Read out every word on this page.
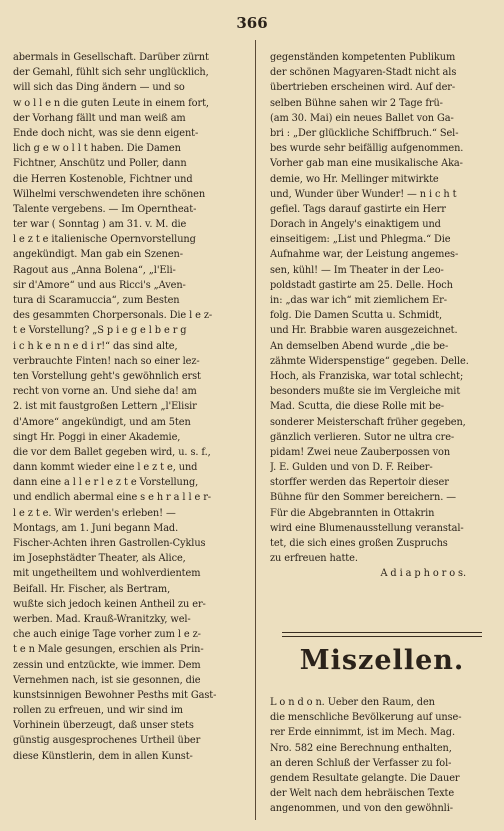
366
abermals in Gesellschaft. Darüber zürnt
der Gemahl, fühlt sich sehr unglücklich,
will sich das Ding ändern — und so
w o l l e n die guten Leute in einem fort,
der Vorhang fällt und man weiß am
Ende doch nicht, was sie denn eigent-
lich g e w o l l t haben. Die Damen
Fichtner, Anschütz und Poller, dann
die Herren Kostenoble, Fichtner und
Wilhelmi verschwendeten ihre schönen
Talente vergebens. — Im Operntheat-
ter war ( Sonntag ) am 31. v. M. die
l e z t e italienische Opernvorstellung
angekündigt. Man gab ein Szenen-
Ragout aus „Anna Bolena“, „l'Eli-
sir d'Amore“ und aus Ricci's „Aven-
tura di Scaramuccia“, zum Besten
des gesammten Chorpersonals. Die l e z-
t e Vorstellung? „S p i e g e l b e r g
i c h k e n n e d i r!“ das sind alte,
verbrauchte Finten! nach so einer lez-
ten Vorstellung geht's gewöhnlich erst
recht von vorne an. Und siehe da! am
2. ist mit faustgroßen Lettern „l'Elisir
d'Amore“ angekündigt, und am 5ten
singt Hr. Poggi in einer Akademie,
die vor dem Ballet gegeben wird, u. s. f.,
dann kommt wieder eine l e z t e, und
dann eine a l l e r l e z t e Vorstellung,
und endlich abermal eine s e h r a l l e r-
l e z t e. Wir werden's erleben! —
Montags, am 1. Juni begann Mad.
Fischer-Achten ihren Gastrollen-Cyklus
im Josephstädter Theater, als Alice,
mit ungetheiltem und wohlverdientem
Beifall. Hr. Fischer, als Bertram,
wußte sich jedoch keinen Antheil zu er-
werben. Mad. Krauß-Wranitzky, wel-
che auch einige Tage vorher zum l e z-
t e n Male gesungen, erschien als Prin-
zessin und entzückte, wie immer. Dem
Vernehmen nach, ist sie gesonnen, die
kunstsinnigen Bewohner Pesths mit Gast-
rollen zu erfreuen, und wir sind im
Vorhinein überzeugt, daß unser stets
günstig ausgesprochenes Urtheil über
diese Künstlerin, dem in allen Kunst-
gegenständen kompetenten Publikum
der schönen Magyaren-Stadt nicht als
übertrieben erscheinen wird. Auf der-
selben Bühne sahen wir 2 Tage frü-
(am 30. Mai) ein neues Ballet von Ga-
bri : „Der glückliche Schiffbruch.“ Sel-
bes wurde sehr beifällig aufgenommen.
Vorher gab man eine musikalische Aka-
demie, wo Hr. Mellinger mitwirkte
und, Wunder über Wunder! — n i c h t
gefiel. Tags darauf gastirte ein Herr
Dorach in Angely's einaktigem und
einseitigem: „List und Phlegma.“ Die
Aufnahme war, der Leistung angemes-
sen, kühl! — Im Theater in der Leo-
poldstadt gastirte am 25. Delle. Hoch
in: „das war ich“ mit ziemlichem Er-
folg. Die Damen Scutta u. Schmidt,
und Hr. Brabbie waren ausgezeichnet.
An demselben Abend wurde „die be-
zähmte Widerspenstige“ gegeben. Delle.
Hoch, als Franziska, war total schlecht;
besonders mußte sie im Vergleiche mit
Mad. Scutta, die diese Rolle mit be-
sonderer Meisterschaft früher gegeben,
gänzlich verlieren. Sutor ne ultra cre-
pidam! Zwei neue Zauberpossen von
J. E. Gulden und von D. F. Reiber-
storffer werden das Repertoir dieser
Bühne für den Sommer bereichern. —
Für die Abgebrannten in Ottakrin
wird eine Blumenausstellung veranstal-
tet, die sich eines großen Zuspruchs
zu erfreuen hatte.
A d i a p h o r o s.
Miszellen.
L o n d o n. Ueber den Raum, den
die menschliche Bevölkerung auf unse-
rer Erde einnimmt, ist im Mech. Mag.
Nro. 582 eine Berechnung enthalten,
an deren Schluß der Verfasser zu fol-
gendem Resultate gelangte. Die Dauer
der Welt nach dem hebräischen Texte
angenommen, und von den gewöhnli-
